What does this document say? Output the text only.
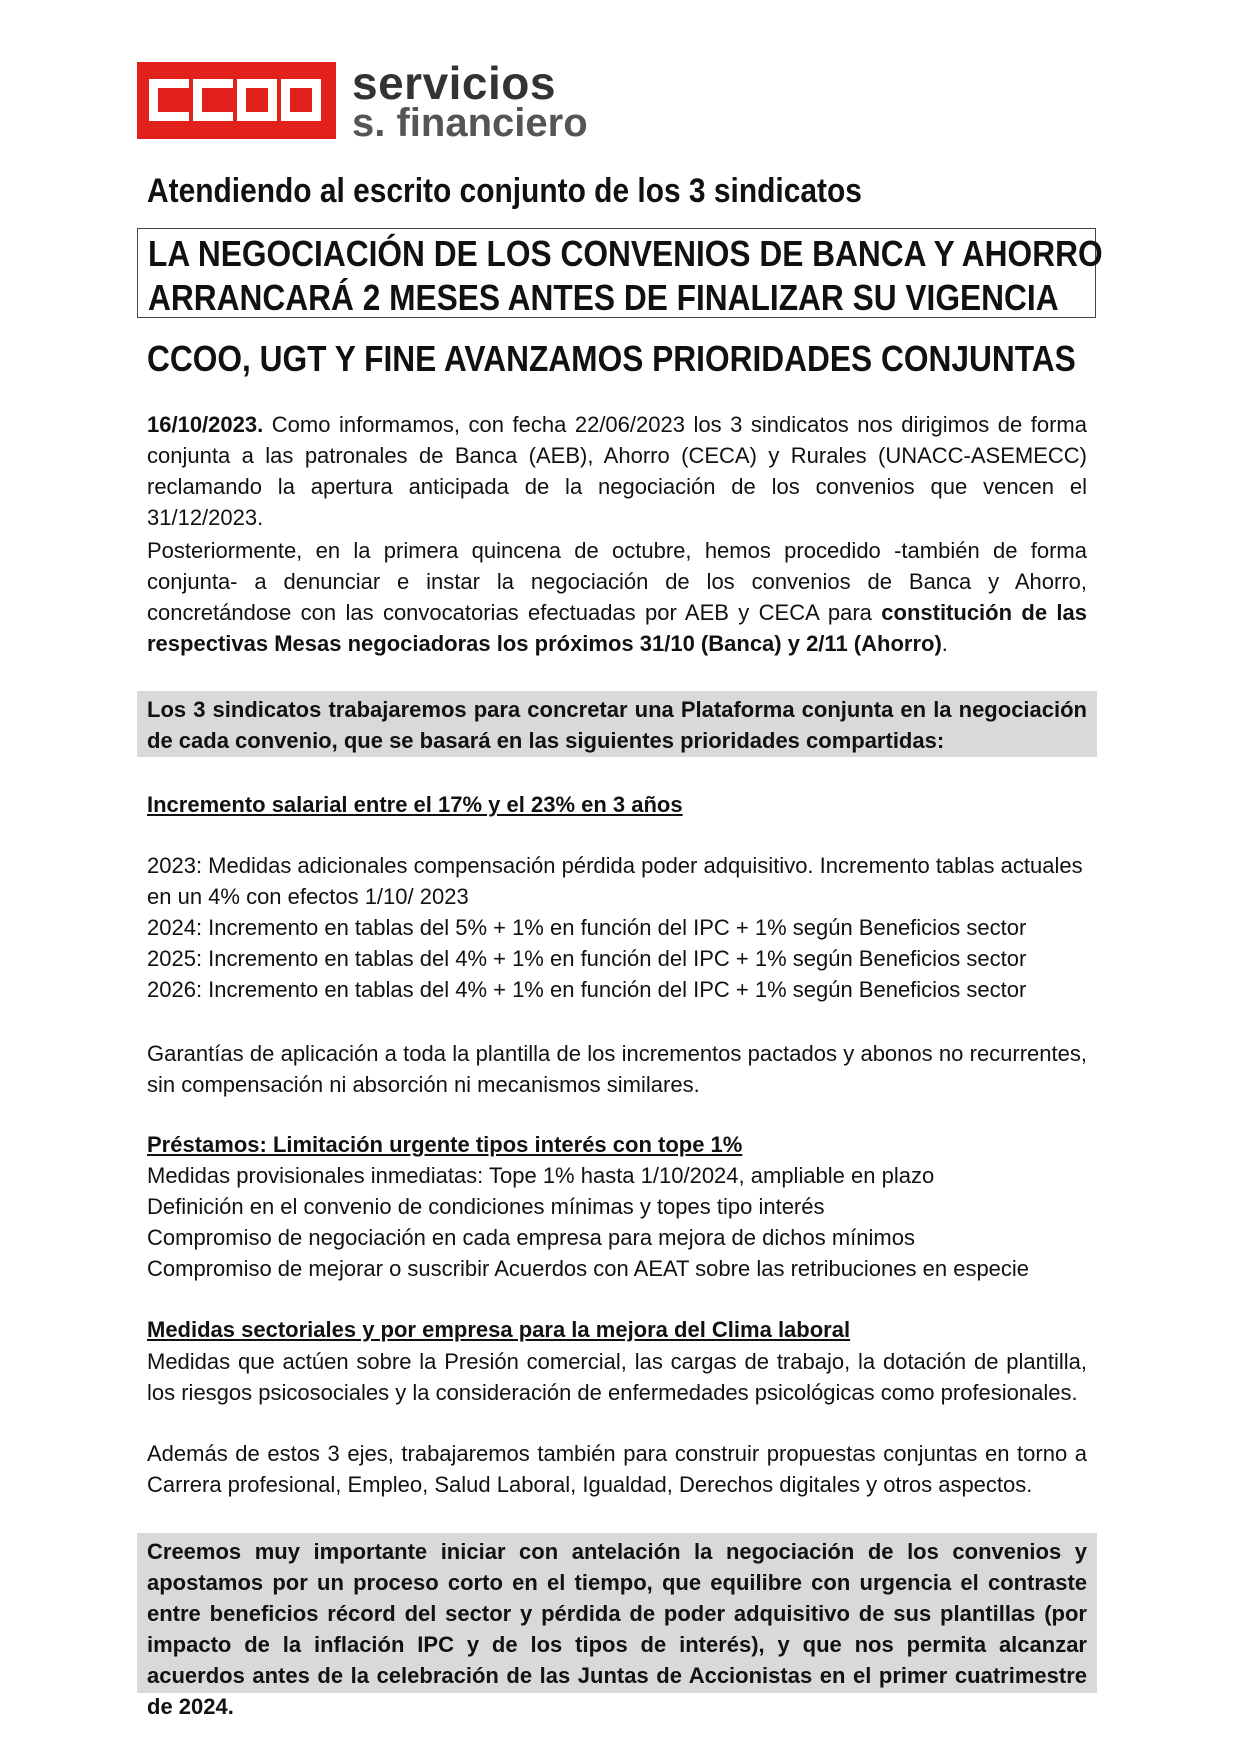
servicios
s. financiero
Atendiendo al escrito conjunto de los 3 sindicatos
LA NEGOCIACIÓN DE LOS CONVENIOS DE BANCA Y AHORRO
ARRANCARÁ 2 MESES ANTES DE FINALIZAR SU VIGENCIA
CCOO, UGT Y FINE AVANZAMOS PRIORIDADES CONJUNTAS
16/10/2023. Como informamos, con fecha 22/06/2023 los 3 sindicatos nos dirigimos de forma conjunta a las patronales de Banca (AEB), Ahorro (CECA) y Rurales (UNACC-ASEMECC) reclamando la apertura anticipada de la negociación de los convenios que vencen el 31/12/2023.
Posteriormente, en la primera quincena de octubre, hemos procedido -también de forma conjunta- a denunciar e instar la negociación de los convenios de Banca y Ahorro, concretándose con las convocatorias efectuadas por AEB y CECA para constitución de las respectivas Mesas negociadoras los próximos 31/10 (Banca) y 2/11 (Ahorro).
Los 3 sindicatos trabajaremos para concretar una Plataforma conjunta en la negociación de cada convenio, que se basará en las siguientes prioridades compartidas:
Incremento salarial entre el 17% y el 23% en 3 años
2023: Medidas adicionales compensación pérdida poder adquisitivo. Incremento tablas actuales
en un 4% con efectos 1/10/ 2023
2024: Incremento en tablas del 5% + 1% en función del IPC + 1% según Beneficios sector
2025: Incremento en tablas del 4% + 1% en función del IPC + 1% según Beneficios sector
2026: Incremento en tablas del 4% + 1% en función del IPC + 1% según Beneficios sector
Garantías de aplicación a toda la plantilla de los incrementos pactados y abonos no recurrentes, sin compensación ni absorción ni mecanismos similares.
Préstamos: Limitación urgente tipos interés con tope 1%
Medidas provisionales inmediatas: Tope 1% hasta 1/10/2024, ampliable en plazo
Definición en el convenio de condiciones mínimas y topes tipo interés
Compromiso de negociación en cada empresa para mejora de dichos mínimos
Compromiso de mejorar o suscribir Acuerdos con AEAT sobre las retribuciones en especie
Medidas sectoriales y por empresa para la mejora del Clima laboral
Medidas que actúen sobre la Presión comercial, las cargas de trabajo, la dotación de plantilla, los riesgos psicosociales y la consideración de enfermedades psicológicas como profesionales.
Además de estos 3 ejes, trabajaremos también para construir propuestas conjuntas en torno a Carrera profesional, Empleo, Salud Laboral, Igualdad, Derechos digitales y otros aspectos.
Creemos muy importante iniciar con antelación la negociación de los convenios y apostamos por un proceso corto en el tiempo, que equilibre con urgencia el contraste entre beneficios récord del sector y pérdida de poder adquisitivo de sus plantillas (por impacto de la inflación IPC y de los tipos de interés), y que nos permita alcanzar acuerdos antes de la celebración de las Juntas de Accionistas en el primer cuatrimestre de 2024.
